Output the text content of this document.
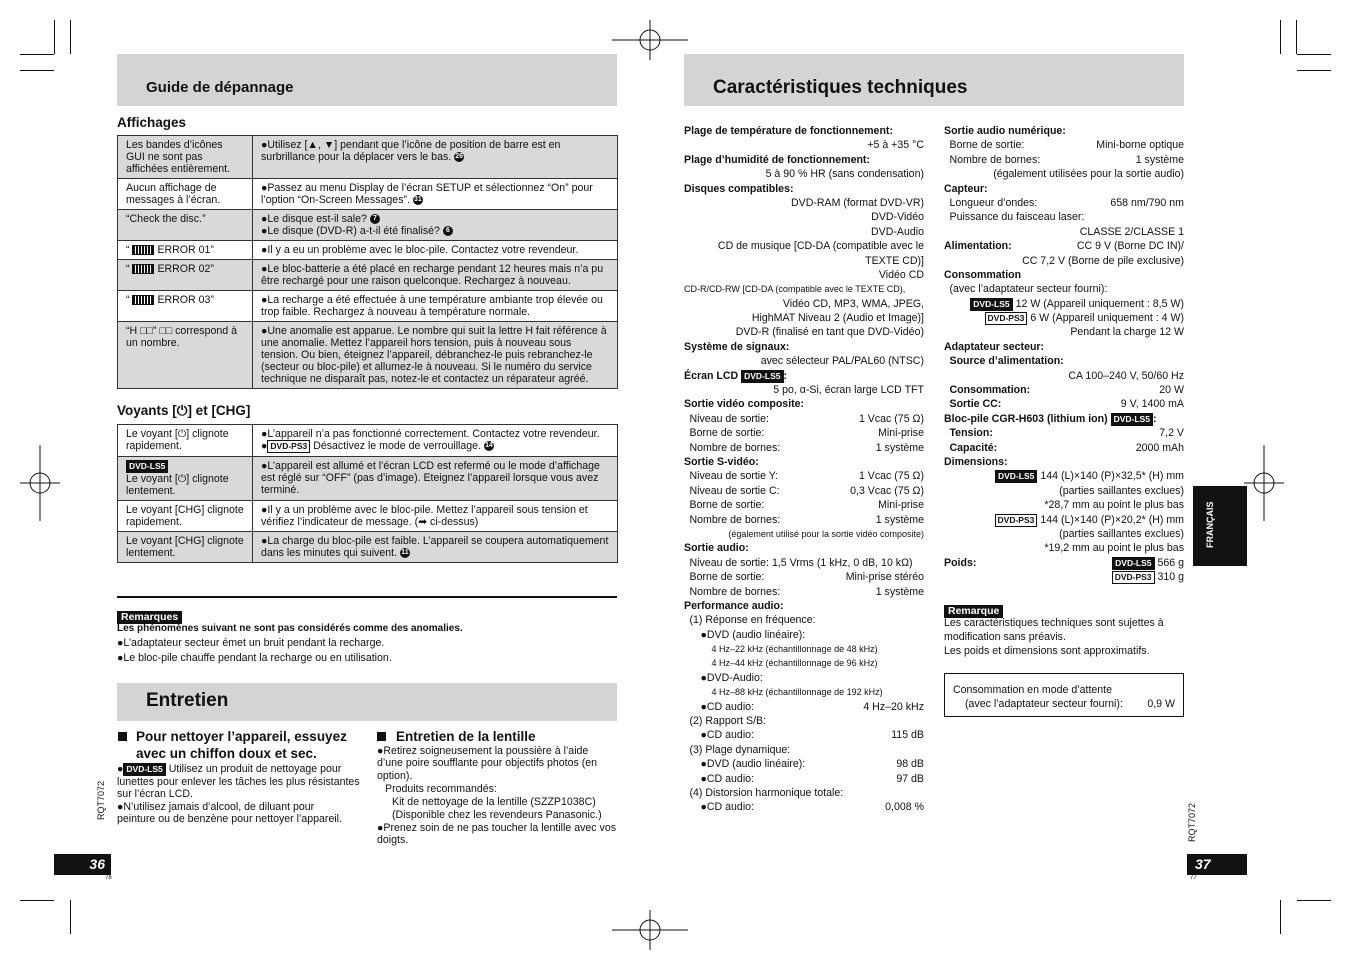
Guide de dépannage
Affichages
Les bandes d’icônes GUI ne sont pas affichées entièrement.	●Utilisez [▲, ▼] pendant que l’icône de position de barre est en surbrillance pour la déplacer vers le bas. 26
Aucun affichage de messages à l’écran.	●Passez au menu Display de l’écran SETUP et sélectionnez “On” pour l’option “On-Screen Messages”. 31
“Check the disc.”	●Le disque est-il sale? 7
●Le disque (DVD-R) a-t-il été finalisé? 6
“  ERROR 01”	●Il y a eu un problème avec le bloc-pile. Contactez votre revendeur.
“  ERROR 02”	●Le bloc-batterie a été placé en recharge pendant 12 heures mais n’a pu être rechargé pour une raison quelconque. Rechargez à nouveau.
“  ERROR 03”	●La recharge a été effectuée à une température ambiante trop élevée ou trop faible. Rechargez à nouveau à température normale.
“H □□” □□ correspond à un nombre.	●Une anomalie est apparue. Le nombre qui suit la lettre H fait référence à une anomalie. Mettez l’appareil hors tension, puis à nouveau sous tension. Ou bien, éteignez l’appareil, débranchez-le puis rebranchez-le (secteur ou bloc-pile) et allumez-le à nouveau. Si le numéro du service technique ne disparaît pas, notez-le et contactez un réparateur agréé.
Voyants [⏻] et [CHG]
Le voyant [⏻] clignote rapidement.	●L’appareil n’a pas fonctionné correctement. Contactez votre revendeur.
● DVD-PS3 Désactivez le mode de verrouillage. 14
DVD-LS5
Le voyant [⏻] clignote lentement.	●L’appareil est allumé et l’écran LCD est refermé ou le mode d’affichage est réglé sur “OFF” (pas d’image). Eteignez l’appareil lorsque vous avez terminé.
Le voyant [CHG] clignote rapidement.	●Il y a un problème avec le bloc-pile. Mettez l’appareil sous tension et vérifiez l’indicateur de message. (➡ ci-dessus)
Le voyant [CHG] clignote lentement.	●La charge du bloc-pile est faible. L’appareil se coupera automatiquement dans les minutes qui suivent. 11
Remarques
Les phénomènes suivant ne sont pas considérés comme des anomalies.
●L’adaptateur secteur émet un bruit pendant la recharge.
●Le bloc-pile chauffe pendant la recharge ou en utilisation.
Entretien
Pour nettoyer l’appareil, essuyez
avec un chiffon doux et sec.
● DVD-LS5 Utilisez un produit de nettoyage pour lunettes pour enlever les tâches les plus résistantes sur l’écran LCD.
●N’utilisez jamais d’alcool, de diluant pour peinture ou de benzène pour nettoyer l’appareil.
Entretien de la lentille
●Retirez soigneusement la poussière à l’aide d’une poire soufflante pour objectifs photos (en option).
Produits recommandés:
Kit de nettoyage de la lentille (SZZP1038C)
(Disponible chez les revendeurs Panasonic.)
●Prenez soin de ne pas toucher la lentille avec vos doigts.
RQT7072
36
76
Caractéristiques techniques
Plage de température de fonctionnement:
+5 à +35 °C
Plage d’humidité de fonctionnement:
5 à 90 % HR (sans condensation)
Disques compatibles:
DVD-RAM (format DVD-VR)
DVD-Vidéo
DVD-Audio
CD de musique [CD-DA (compatible avec le
TEXTE CD)]
Vidéo CD
CD-R/CD-RW [CD-DA (compatible avec le TEXTE CD),
Vidéo CD, MP3, WMA, JPEG,
HighMAT Niveau 2 (Audio et Image)]
DVD-R (finalisé en tant que DVD-Vidéo)
Système de signaux:
avec sélecteur PAL/PAL60 (NTSC)
Écran LCD DVD-LS5 :
5 po, α-Si, écran large LCD TFT
Sortie vidéo composite:
Niveau de sortie:	1 Vcac (75 Ω)
Borne de sortie:	Mini-prise
Nombre de bornes:	1 système
Sortie S-vidéo:
Niveau de sortie Y:	1 Vcac (75 Ω)
Niveau de sortie C:	0,3 Vcac (75 Ω)
Borne de sortie:	Mini-prise
Nombre de bornes:	1 système
(également utilisé pour la sortie vidéo composite)
Sortie audio:
Niveau de sortie: 1,5 Vrms (1 kHz, 0 dB, 10 kΩ)
Borne de sortie:	Mini-prise stéréo
Nombre de bornes:	1 système
Performance audio:
(1) Réponse en fréquence:
●DVD (audio linéaire):
4 Hz–22 kHz (échantillonnage de 48 kHz)
4 Hz–44 kHz (échantillonnage de 96 kHz)
●DVD-Audio:
4 Hz–88 kHz (échantillonnage de 192 kHz)
●CD audio:	4 Hz–20 kHz
(2) Rapport S/B:
●CD audio:	115 dB
(3) Plage dynamique:
●DVD (audio linéaire):	98 dB
●CD audio:	97 dB
(4) Distorsion harmonique totale:
●CD audio:	0,008 %
Sortie audio numérique:
Borne de sortie:	Mini-borne optique
Nombre de bornes:	1 système
(également utilisées pour la sortie audio)
Capteur:
Longueur d’ondes:	658 nm/790 nm
Puissance du faisceau laser:
CLASSE 2/CLASSE 1
Alimentation:	CC 9 V (Borne DC IN)/
CC 7,2 V (Borne de pile exclusive)
Consommation
(avec l’adaptateur secteur fourni):
DVD-LS5 12 W (Appareil uniquement : 8,5 W)
DVD-PS3 6 W (Appareil uniquement : 4 W)
Pendant la charge 12 W
Adaptateur secteur:
Source d’alimentation:
CA 100–240 V, 50/60 Hz
Consommation:	20 W
Sortie CC:	9 V, 1400 mA
Bloc-pile CGR-H603 (lithium ion) DVD-LS5 :
Tension:	7,2 V
Capacité:	2000 mAh
Dimensions:
DVD-LS5 144 (L)×140 (P)×32,5* (H) mm
(parties saillantes exclues)
*28,7 mm au point le plus bas
DVD-PS3 144 (L)×140 (P)×20,2* (H) mm
(parties saillantes exclues)
*19,2 mm au point le plus bas
Poids:	DVD-LS5 566 g
DVD-PS3 310 g
Remarque
Les caractéristiques techniques sont sujettes à
modification sans préavis.
Les poids et dimensions sont approximatifs.
Consommation en mode d’attente
(avec l’adaptateur secteur fourni): 0,9 W
FRANÇAIS
RQT7072
37
77
